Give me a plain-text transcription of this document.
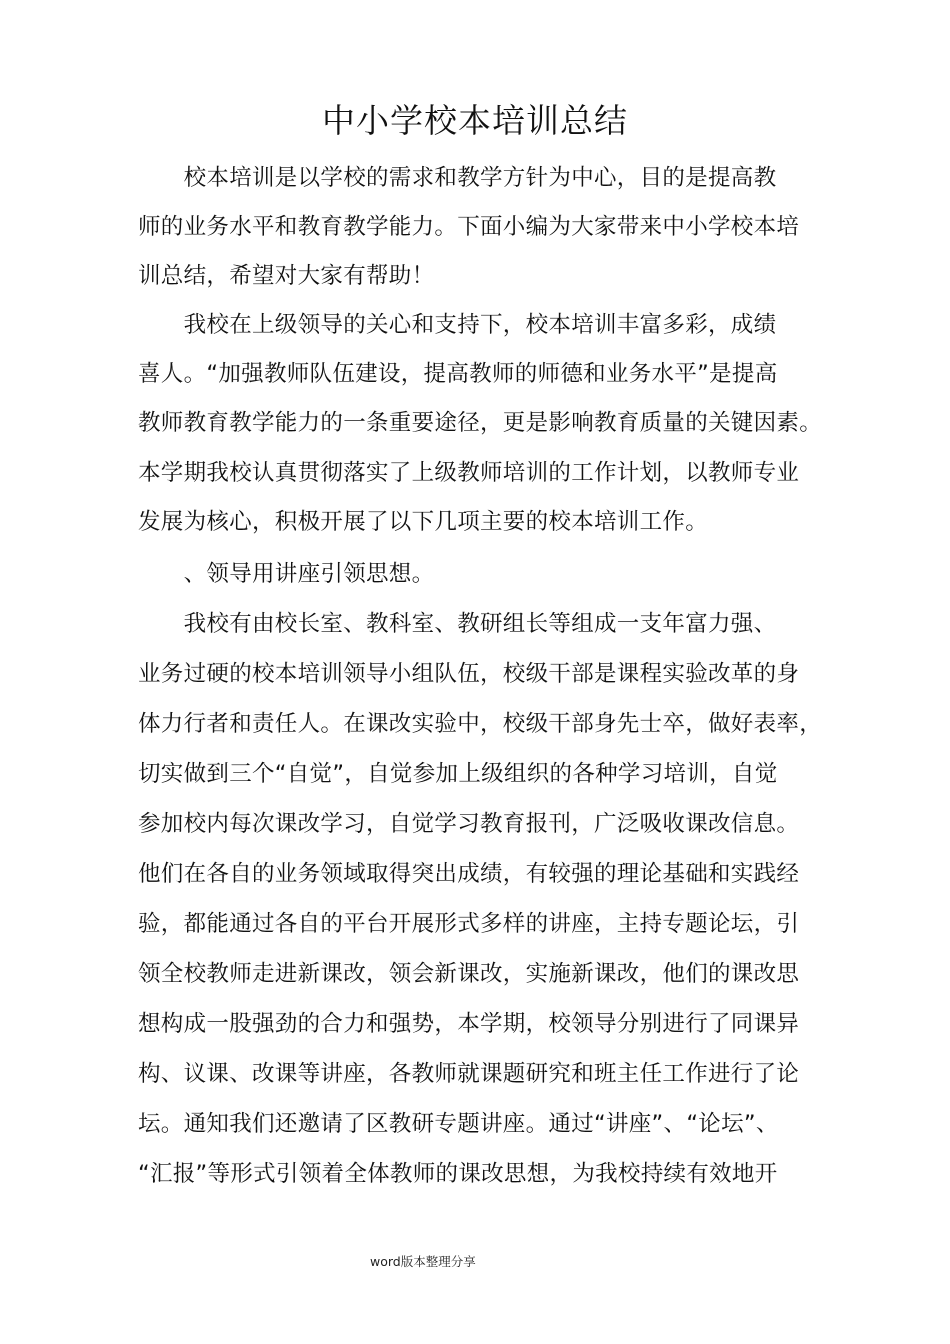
中小学校本培训总结
　　校本培训是以学校的需求和教学方针为中心，目的是提高教
师的业务水平和教育教学能力。下面小编为大家带来中小学校本培
训总结，希望对大家有帮助！
　　我校在上级领导的关心和支持下，校本培训丰富多彩，成绩
喜人。“加强教师队伍建设，提高教师的师德和业务水平”是提高
教师教育教学能力的一条重要途径，更是影响教育质量的关键因素。
本学期我校认真贯彻落实了上级教师培训的工作计划，以教师专业
发展为核心，积极开展了以下几项主要的校本培训工作。
　　、领导用讲座引领思想。
　　我校有由校长室、教科室、教研组长等组成一支年富力强、
业务过硬的校本培训领导小组队伍，校级干部是课程实验改革的身
体力行者和责任人。在课改实验中，校级干部身先士卒，做好表率，
切实做到三个“自觉”，自觉参加上级组织的各种学习培训，自觉
参加校内每次课改学习，自觉学习教育报刊，广泛吸收课改信息。
他们在各自的业务领域取得突出成绩，有较强的理论基础和实践经
验，都能通过各自的平台开展形式多样的讲座，主持专题论坛，引
领全校教师走进新课改，领会新课改，实施新课改，他们的课改思
想构成一股强劲的合力和强势，本学期，校领导分别进行了同课异
构、议课、改课等讲座，各教师就课题研究和班主任工作进行了论
坛。通知我们还邀请了区教研专题讲座。通过“讲座”、“论坛”、
“汇报”等形式引领着全体教师的课改思想，为我校持续有效地开
word版本整理分享
